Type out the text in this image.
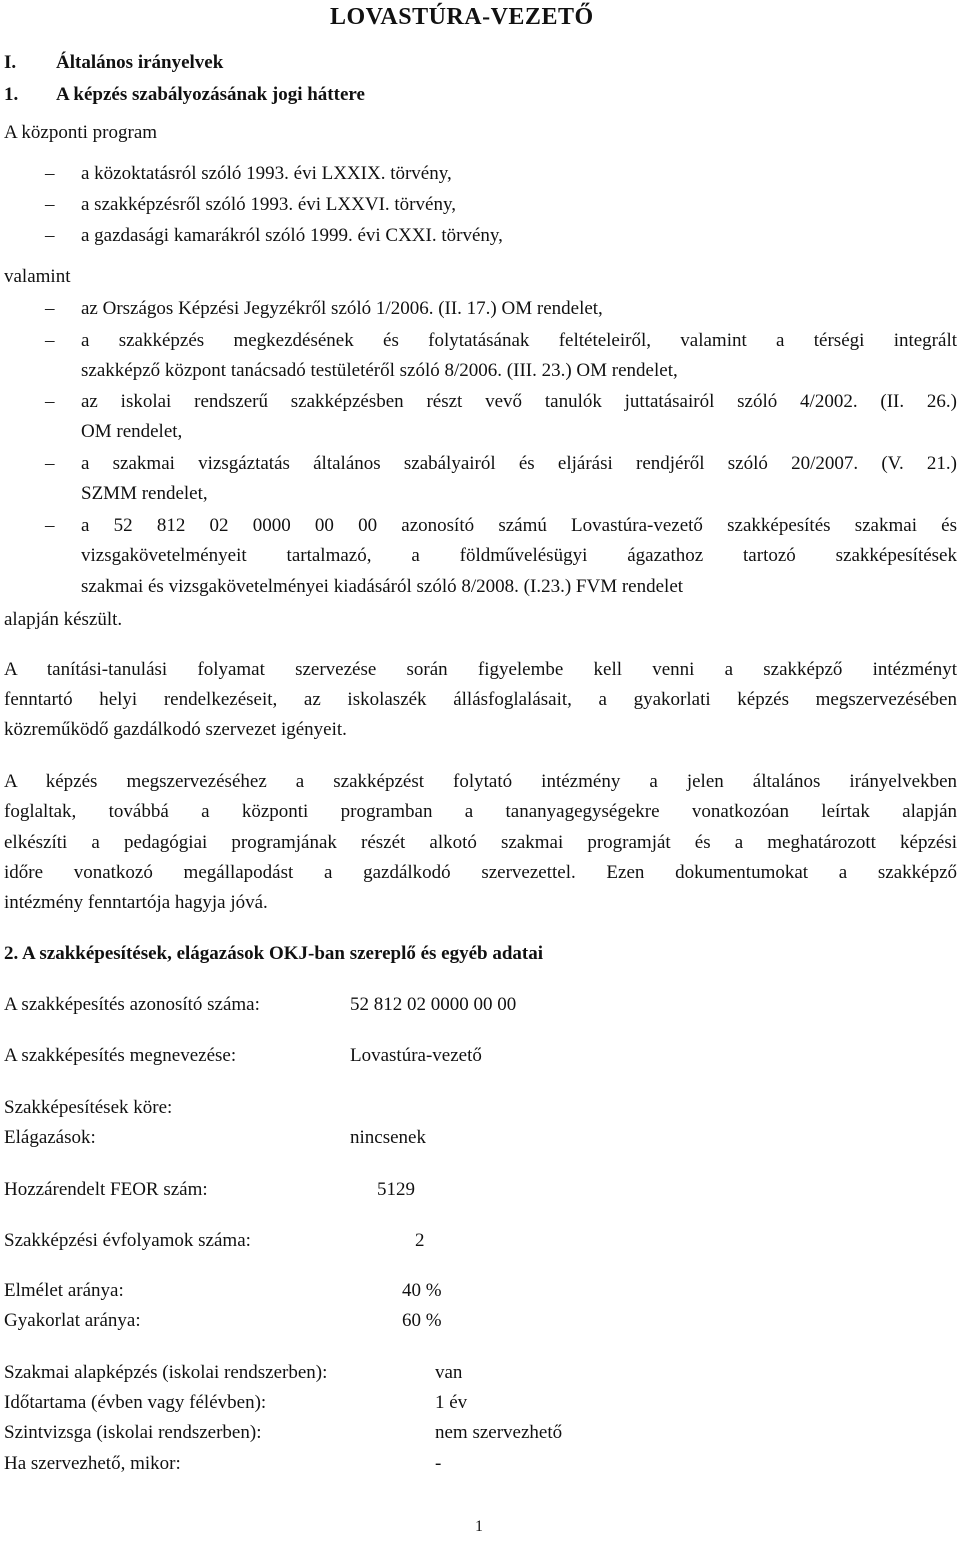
LOVASTÚRA-VEZETŐ
I. Általános irányelvek
1. A képzés szabályozásának jogi háttere
A központi program
– a közoktatásról szóló 1993. évi LXXIX. törvény,
– a szakképzésről szóló 1993. évi LXXVI. törvény,
– a gazdasági kamarákról szóló 1999. évi CXXI. törvény,
valamint
– az Országos Képzési Jegyzékről szóló 1/2006. (II. 17.) OM rendelet,
– a szakképzés megkezdésének és folytatásának feltételeiről, valamint a térségi integrált
szakképző központ tanácsadó testületéről szóló 8/2006. (III. 23.) OM rendelet,
– az iskolai rendszerű szakképzésben részt vevő tanulók juttatásairól szóló 4/2002. (II. 26.)
OM rendelet,
– a szakmai vizsgáztatás általános szabályairól és eljárási rendjéről szóló 20/2007. (V. 21.)
SZMM rendelet,
– a 52 812 02 0000 00 00 azonosító számú Lovastúra-vezető szakképesítés szakmai és
vizsgakövetelményeit tartalmazó, a földművelésügyi ágazathoz tartozó szakképesítések
szakmai és vizsgakövetelményei kiadásáról szóló 8/2008. (I.23.) FVM rendelet
alapján készült.
A tanítási-tanulási folyamat szervezése során figyelembe kell venni a szakképző intézményt
fenntartó helyi rendelkezéseit, az iskolaszék állásfoglalásait, a gyakorlati képzés megszervezésében
közreműködő gazdálkodó szervezet igényeit.
A képzés megszervezéséhez a szakképzést folytató intézmény a jelen általános irányelvekben
foglaltak, továbbá a központi programban a tananyagegységekre vonatkozóan leírtak alapján
elkészíti a pedagógiai programjának részét alkotó szakmai programját és a meghatározott képzési
időre vonatkozó megállapodást a gazdálkodó szervezettel. Ezen dokumentumokat a szakképző
intézmény fenntartója hagyja jóvá.
2. A szakképesítések, elágazások OKJ-ban szereplő és egyéb adatai
A szakképesítés azonosító száma:	52 812 02 0000 00 00
A szakképesítés megnevezése:	Lovastúra-vezető
Szakképesítések köre:
Elágazások:	nincsenek
Hozzárendelt FEOR szám:	5129
Szakképzési évfolyamok száma:	2
Elmélet aránya:	40 %
Gyakorlat aránya:	60 %
Szakmai alapképzés (iskolai rendszerben):	van
Időtartama (évben vagy félévben):	1 év
Szintvizsga (iskolai rendszerben):	nem szervezhető
Ha szervezhető, mikor:	-
1
